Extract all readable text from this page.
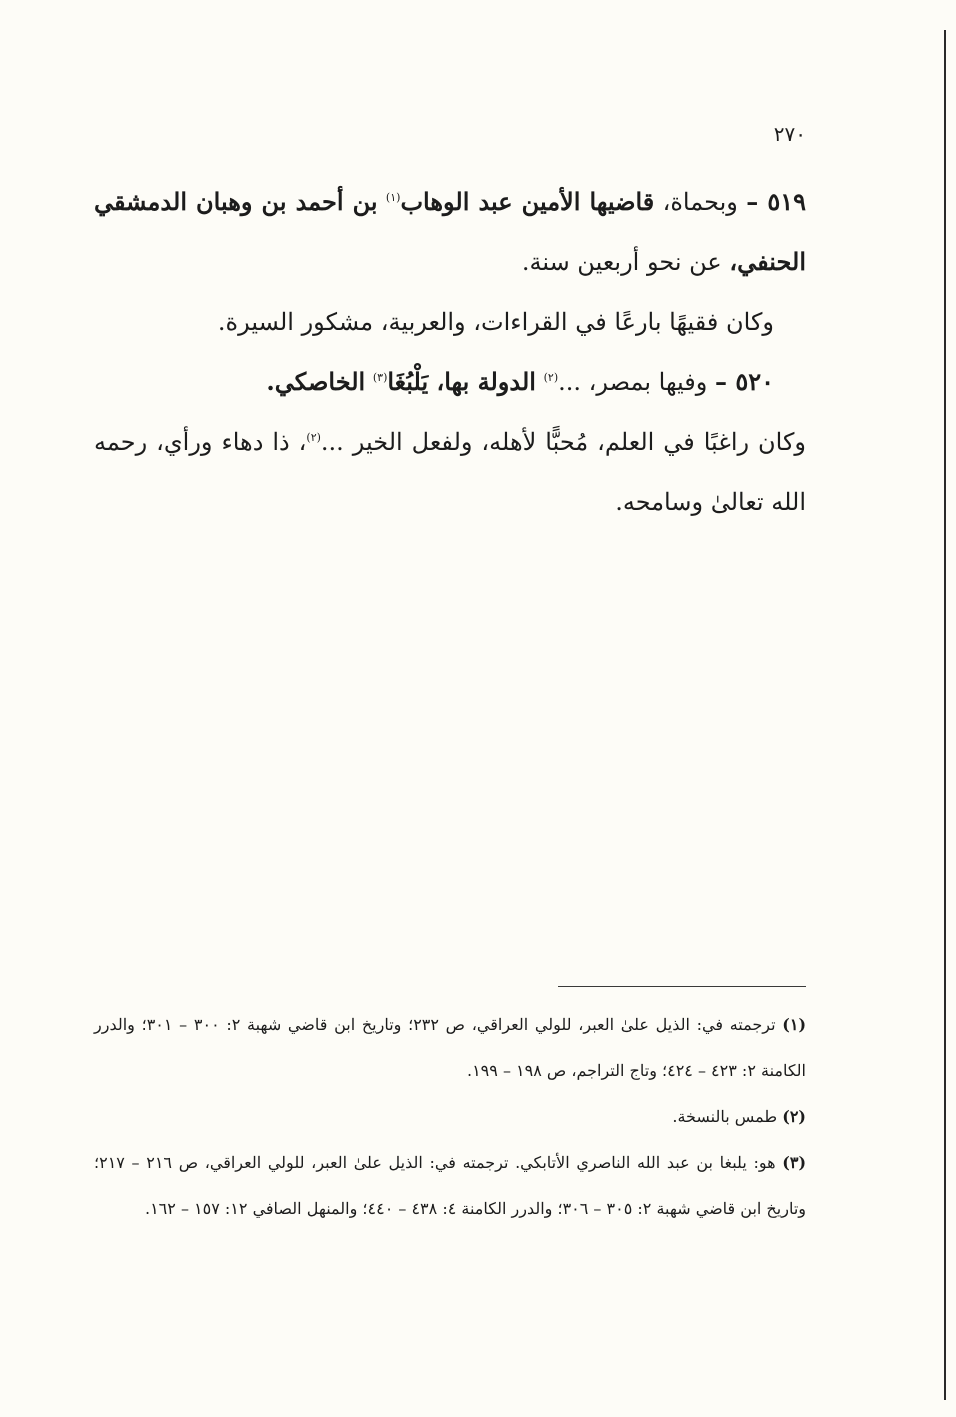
٢٧٠

٥١٩ – وبحماة، قاضيها الأمين عبد الوهاب$^{(١)}$ بن أحمد بن وهبان الدمشقي الحنفي، عن نحو أربعين سنة.

وكان فقيهًا بارعًا في القراءات، والعربية، مشكور السيرة.

٥٢٠ – وفيها بمصر، ...$^{(٢)}$ الدولة بها، يَلْبُغَا$^{(٣)}$ الخاصكي.

وكان راغبًا في العلم، مُحبًّا لأهله، ولفعل الخير ...$^{(٢)}$، ذا دهاء ورأي، رحمه الله تعالىٰ وسامحه.

(١) ترجمته في: الذيل علىٰ العبر، للولي العراقي، ص ٢٣٢؛ وتاريخ ابن قاضي شهبة ٢: ٣٠٠ – ٣٠١؛ والدرر الكامنة ٢: ٤٢٣ – ٤٢٤؛ وتاج التراجم، ص ١٩٨ – ١٩٩.

(٢) طمس بالنسخة.

(٣) هو: يلبغا بن عبد الله الناصري الأتابكي. ترجمته في: الذيل علىٰ العبر، للولي العراقي، ص ٢١٦ – ٢١٧؛ وتاريخ ابن قاضي شهبة ٢: ٣٠٥ – ٣٠٦؛ والدرر الكامنة ٤: ٤٣٨ – ٤٤٠؛ والمنهل الصافي ١٢: ١٥٧ – ١٦٢.
